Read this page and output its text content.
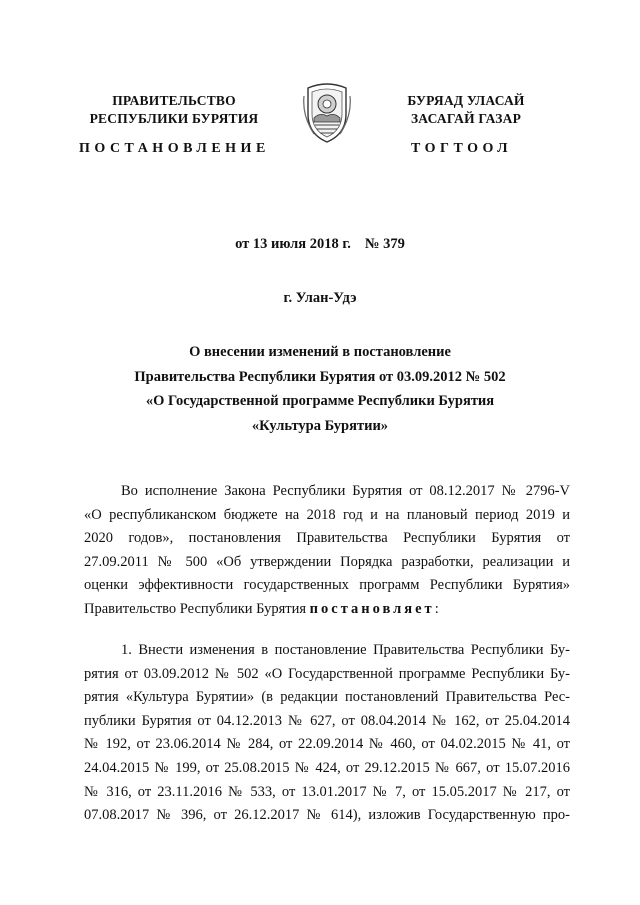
ПРАВИТЕЛЬСТВО
РЕСПУБЛИКИ БУРЯТИЯ
ПОСТАНОВЛЕНИЕ
БУРЯАД УЛАСАЙ
ЗАСАГАЙ ГАЗАР
ТОГТООЛ
от 13 июля 2018 г. № 379
г. Улан-Удэ
О внесении изменений в постановление
Правительства Республики Бурятия от 03.09.2012 № 502
«О Государственной программе Республики Бурятия
«Культура Бурятии»
Во исполнение Закона Республики Бурятия от 08.12.2017 № 2796-V
«О республиканском бюджете на 2018 год и на плановый период 2019 и
2020 годов», постановления Правительства Республики Бурятия от
27.09.2011 № 500 «Об утверждении Порядка разработки, реализации и
оценки эффективности государственных программ Республики Бурятия»
Правительство Республики Бурятия постановляет:
1. Внести изменения в постановление Правительства Республики Бу-
рятия от 03.09.2012 № 502 «О Государственной программе Республики Бу-
рятия «Культура Бурятии» (в редакции постановлений Правительства Рес-
публики Бурятия от 04.12.2013 № 627, от 08.04.2014 № 162, от 25.04.2014
№ 192, от 23.06.2014 № 284, от 22.09.2014 № 460, от 04.02.2015 № 41, от
24.04.2015 № 199, от 25.08.2015 № 424, от 29.12.2015 № 667, от 15.07.2016
№ 316, от 23.11.2016 № 533, от 13.01.2017 № 7, от 15.05.2017 № 217, от
07.08.2017 № 396, от 26.12.2017 № 614), изложив Государственную про-
